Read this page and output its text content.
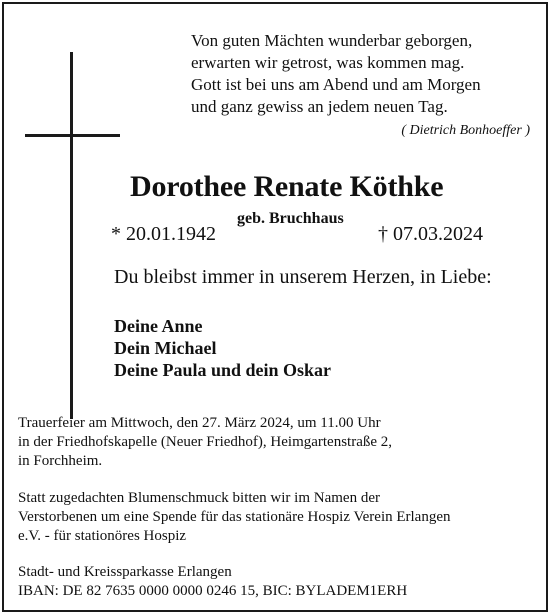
Von guten Mächten wunderbar geborgen,
erwarten wir getrost, was kommen mag.
Gott ist bei uns am Abend und am Morgen
und ganz gewiss an jedem neuen Tag.
( Dietrich Bonhoeffer )
Dorothee Renate Köthke
geb. Bruchhaus
* 20.01.1942	† 07.03.2024
Du bleibst immer in unserem Herzen, in Liebe:
Deine Anne
Dein Michael
Deine Paula und dein Oskar
Trauerfeier am Mittwoch, den 27. März 2024, um 11.00 Uhr
in der Friedhofskapelle (Neuer Friedhof), Heimgartenstraße 2,
in Forchheim.
Statt zugedachten Blumenschmuck bitten wir im Namen der
Verstorbenen um eine Spende für das stationäre Hospiz Verein Erlangen
e.V. - für stationöres Hospiz
Stadt- und Kreissparkasse Erlangen
IBAN: DE 82 7635 0000 0000 0246 15, BIC: BYLADEM1ERH
